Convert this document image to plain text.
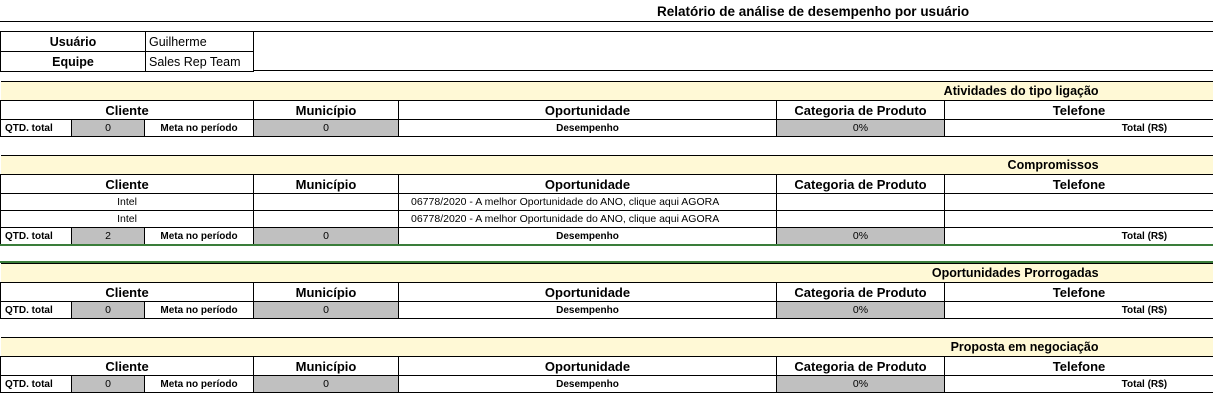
Relatório de análise de desempenho por usuário
Usuário	Guilherme
Equipe	Sales Rep Team
Atividades do tipo ligação						
Cliente			Município	Oportunidade	Categoria de Produto	Telefone
QTD. total	0	Meta no período	0	Desempenho	0%	Total (R$)
Compromissos						
Cliente			Município	Oportunidade	Categoria de Produto	Telefone
Intel				06778/2020 - A melhor Oportunidade do ANO, clique aqui AGORA		
Intel				06778/2020 - A melhor Oportunidade do ANO, clique aqui AGORA		
QTD. total	2	Meta no período	0	Desempenho	0%	Total (R$)
Oportunidades Prorrogadas						
Cliente			Município	Oportunidade	Categoria de Produto	Telefone
QTD. total	0	Meta no período	0	Desempenho	0%	Total (R$)
Proposta em negociação						
Cliente			Município	Oportunidade	Categoria de Produto	Telefone
QTD. total	0	Meta no período	0	Desempenho	0%	Total (R$)
